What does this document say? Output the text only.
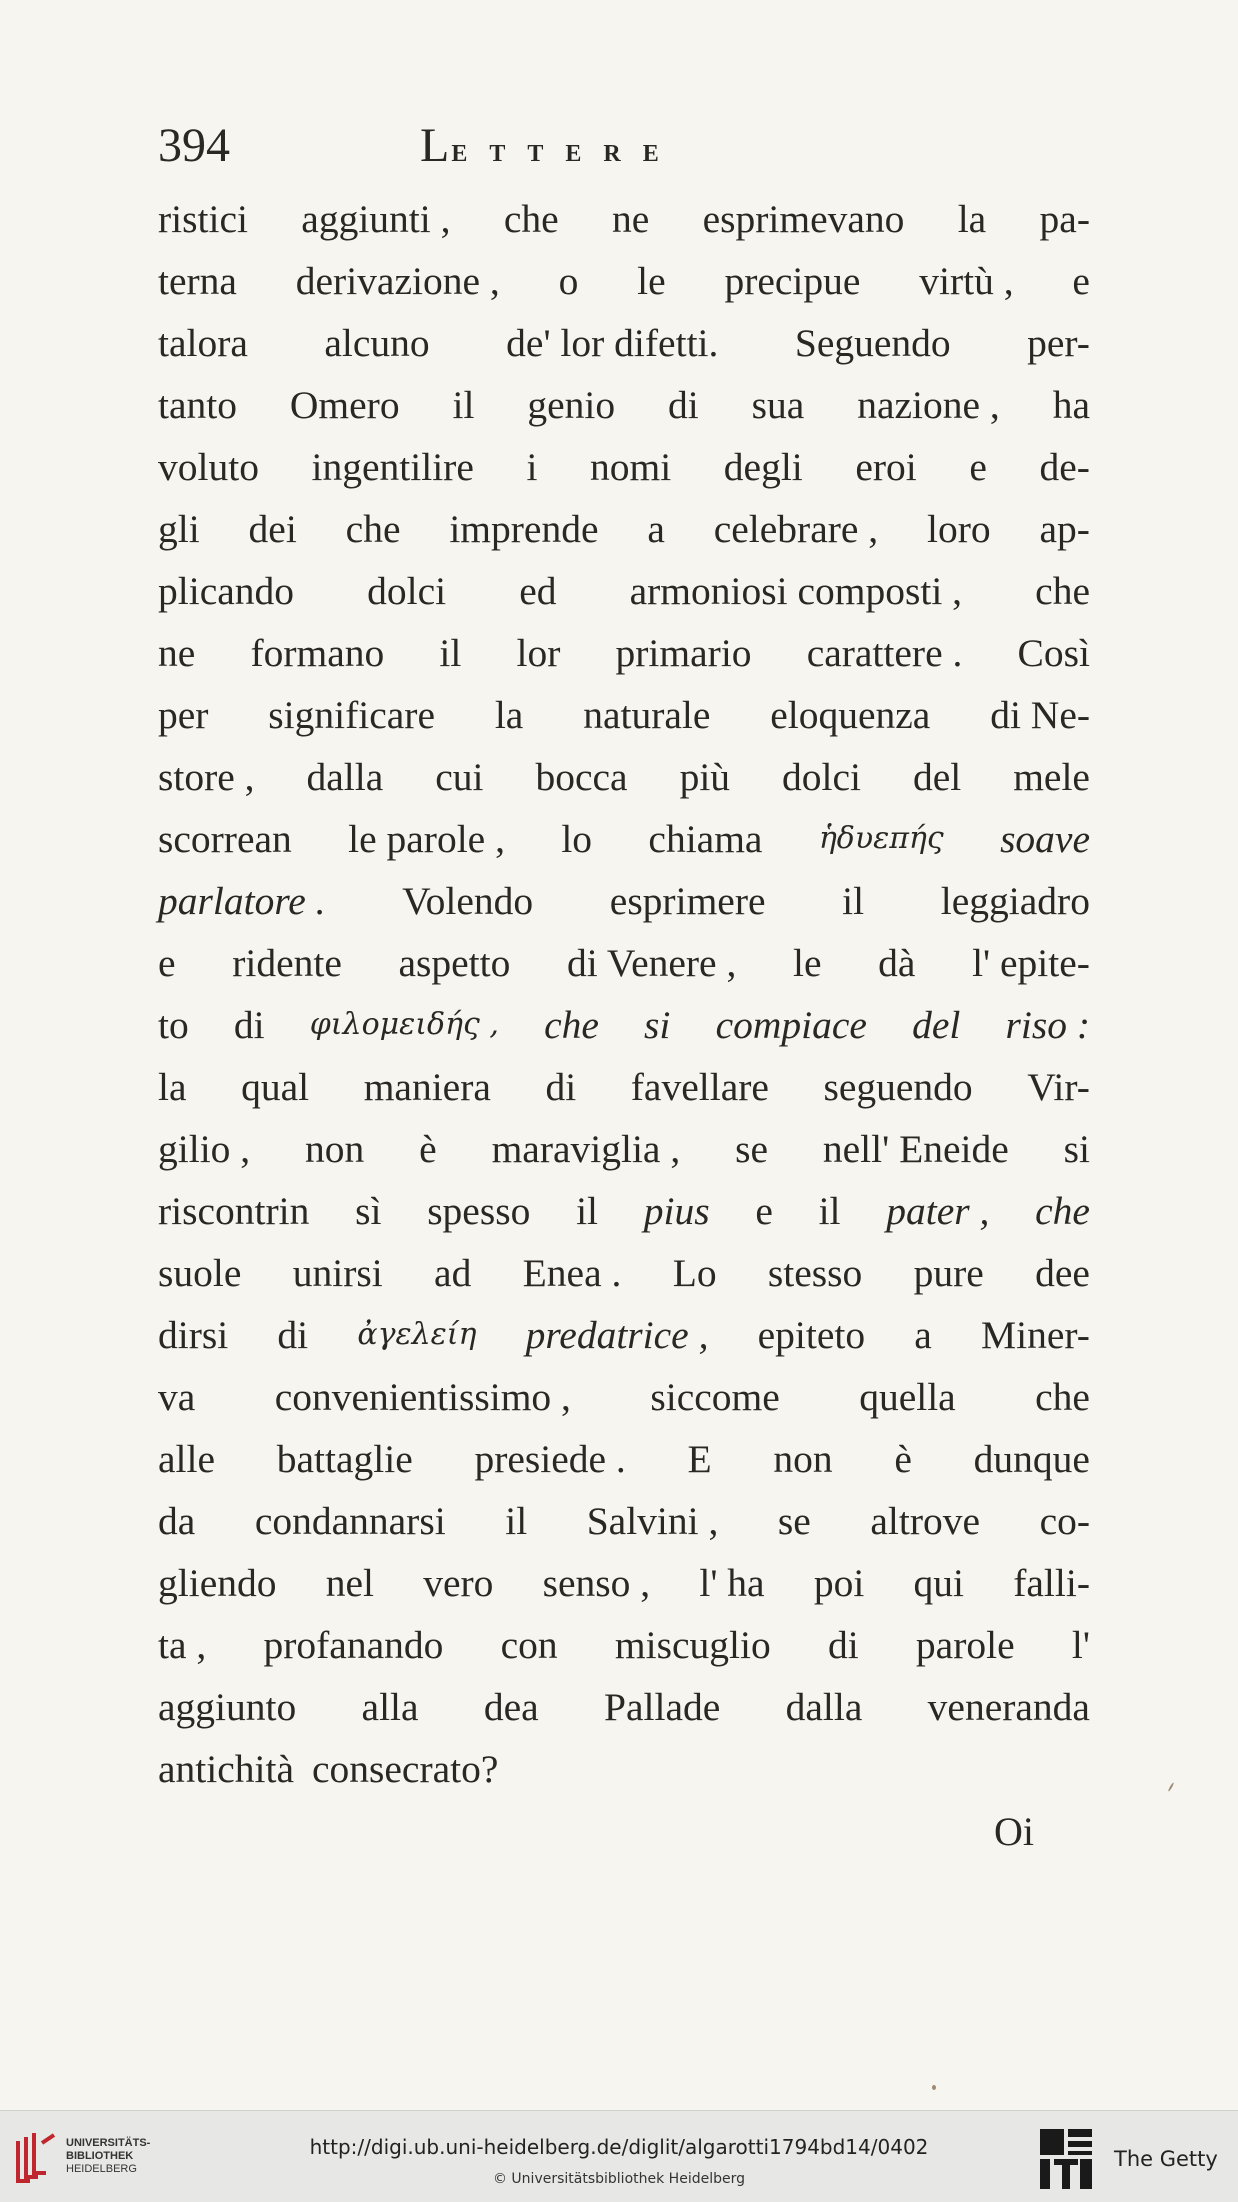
394	LETTERE
ristici aggiunti , che ne esprimevano la pa-
terna derivazione , o le precipue virtù , e
talora alcuno de' lor difetti. Seguendo per-
tanto Omero il genio di sua nazione , ha
voluto ingentilire i nomi degli eroi e de-
gli dei che imprende a celebrare , loro ap-
plicando dolci ed armoniosi composti , che
ne formano il lor primario carattere . Così
per significare la naturale eloquenza di Ne-
store , dalla cui bocca più dolci del mele
scorrean le parole , lo chiama ἡδυεπής soave
parlatore . Volendo esprimere il leggiadro
e ridente aspetto di Venere , le dà l' epite-
to di φιλομειδής , che si compiace del riso :
la qual maniera di favellare seguendo Vir-
gilio , non è maraviglia , se nell' Eneide si
riscontrin sì spesso il pius e il pater , che
suole unirsi ad Enea . Lo stesso pure dee
dirsi di ἀγελείη predatrice , epiteto a Miner-
va convenientissimo , siccome quella che
alle battaglie presiede . E non è dunque
da condannarsi il Salvini , se altrove co-
gliendo nel vero senso , l' ha poi qui falli-
ta , profanando con miscuglio di parole l'
aggiunto alla dea Pallade dalla veneranda
antichità consecrato?
Oi
UNIVERSITÄTS-
BIBLIOTHEK
HEIDELBERG
http://digi.ub.uni-heidelberg.de/diglit/algarotti1794bd14/0402
© Universitätsbibliothek Heidelberg
The Getty
